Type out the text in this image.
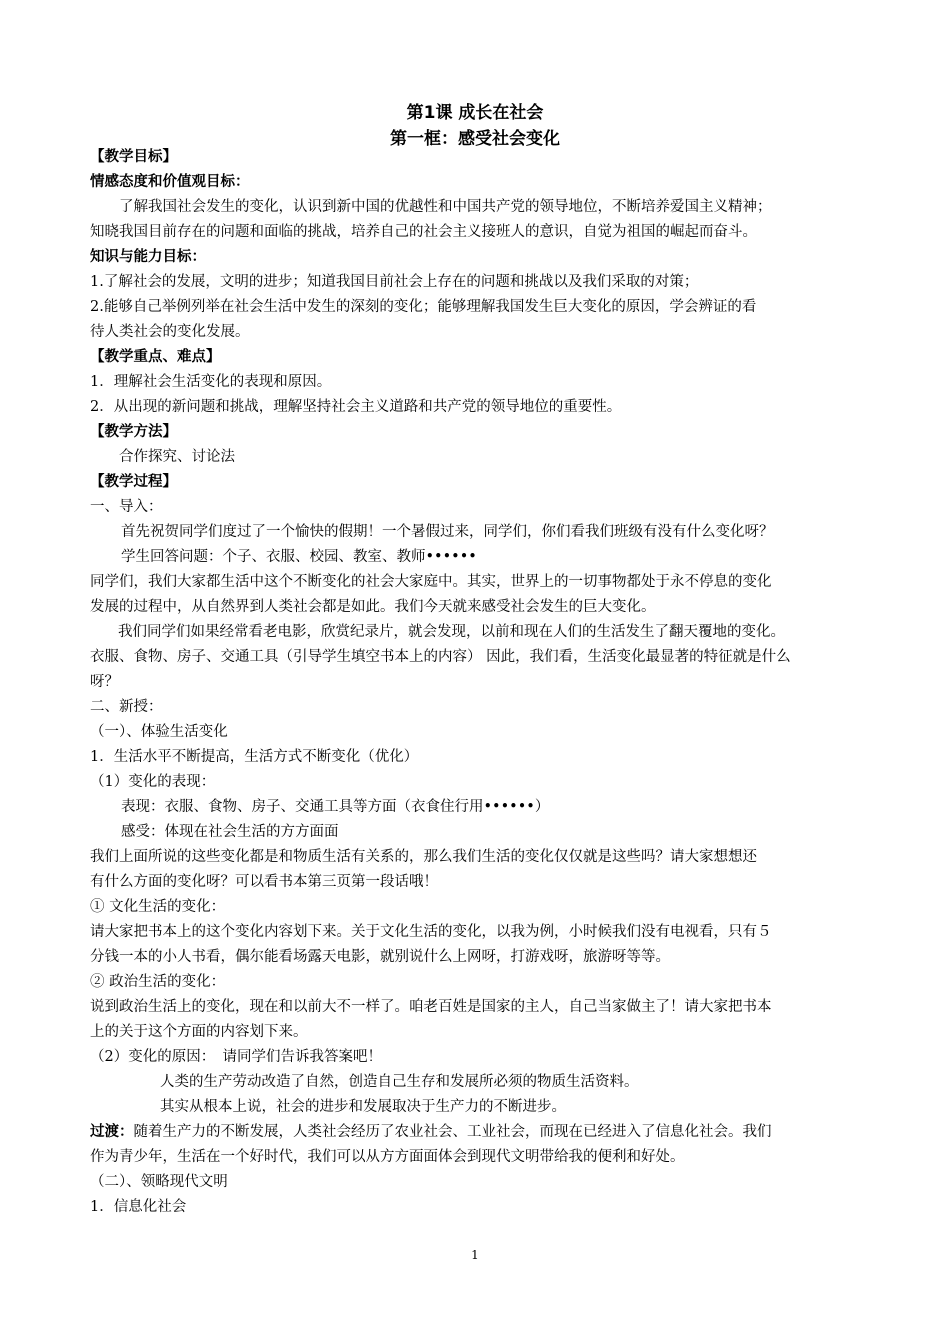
第1课 成长在社会
第一框：感受社会变化
【教学目标】
情感态度和价值观目标：
了解我国社会发生的变化，认识到新中国的优越性和中国共产党的领导地位，不断培养爱国主义精神；
知晓我国目前存在的问题和面临的挑战，培养自己的社会主义接班人的意识，自觉为祖国的崛起而奋斗。
知识与能力目标：
1.了解社会的发展，文明的进步；知道我国目前社会上存在的问题和挑战以及我们采取的对策；
2.能够自己举例列举在社会生活中发生的深刻的变化；能够理解我国发生巨大变化的原因，学会辨证的看
待人类社会的变化发展。
【教学重点、难点】
1．理解社会生活变化的表现和原因。
2．从出现的新问题和挑战，理解坚持社会主义道路和共产党的领导地位的重要性。
【教学方法】
合作探究、讨论法
【教学过程】
一、导入：
首先祝贺同学们度过了一个愉快的假期！一个暑假过来，同学们，你们看我们班级有没有什么变化呀？
学生回答问题：个子、衣服、校园、教室、教师••••••
同学们，我们大家都生活中这个不断变化的社会大家庭中。其实，世界上的一切事物都处于永不停息的变化
发展的过程中，从自然界到人类社会都是如此。我们今天就来感受社会发生的巨大变化。
我们同学们如果经常看老电影，欣赏纪录片，就会发现，以前和现在人们的生活发生了翻天覆地的变化。
衣服、食物、房子、交通工具（引导学生填空书本上的内容） 因此，我们看，生活变化最显著的特征就是什么
呀？
二、新授：
（一）、体验生活变化
1．生活水平不断提高，生活方式不断变化（优化）
（1）变化的表现：
表现：衣服、食物、房子、交通工具等方面（衣食住行用••••••）
感受：体现在社会生活的方方面面
我们上面所说的这些变化都是和物质生活有关系的，那么我们生活的变化仅仅就是这些吗？请大家想想还
有什么方面的变化呀？可以看书本第三页第一段话哦！
① 文化生活的变化：
请大家把书本上的这个变化内容划下来。关于文化生活的变化，以我为例，小时候我们没有电视看，只有５
分钱一本的小人书看，偶尔能看场露天电影，就别说什么上网呀，打游戏呀，旅游呀等等。
② 政治生活的变化：
说到政治生活上的变化，现在和以前大不一样了。咱老百姓是国家的主人，自己当家做主了！请大家把书本
上的关于这个方面的内容划下来。
（2）变化的原因：　请同学们告诉我答案吧！
人类的生产劳动改造了自然，创造自己生存和发展所必须的物质生活资料。
其实从根本上说，社会的进步和发展取决于生产力的不断进步。
过渡：随着生产力的不断发展，人类社会经历了农业社会、工业社会，而现在已经进入了信息化社会。我们
作为青少年，生活在一个好时代，我们可以从方方面面体会到现代文明带给我的便利和好处。
（二）、领略现代文明
1．信息化社会
1
